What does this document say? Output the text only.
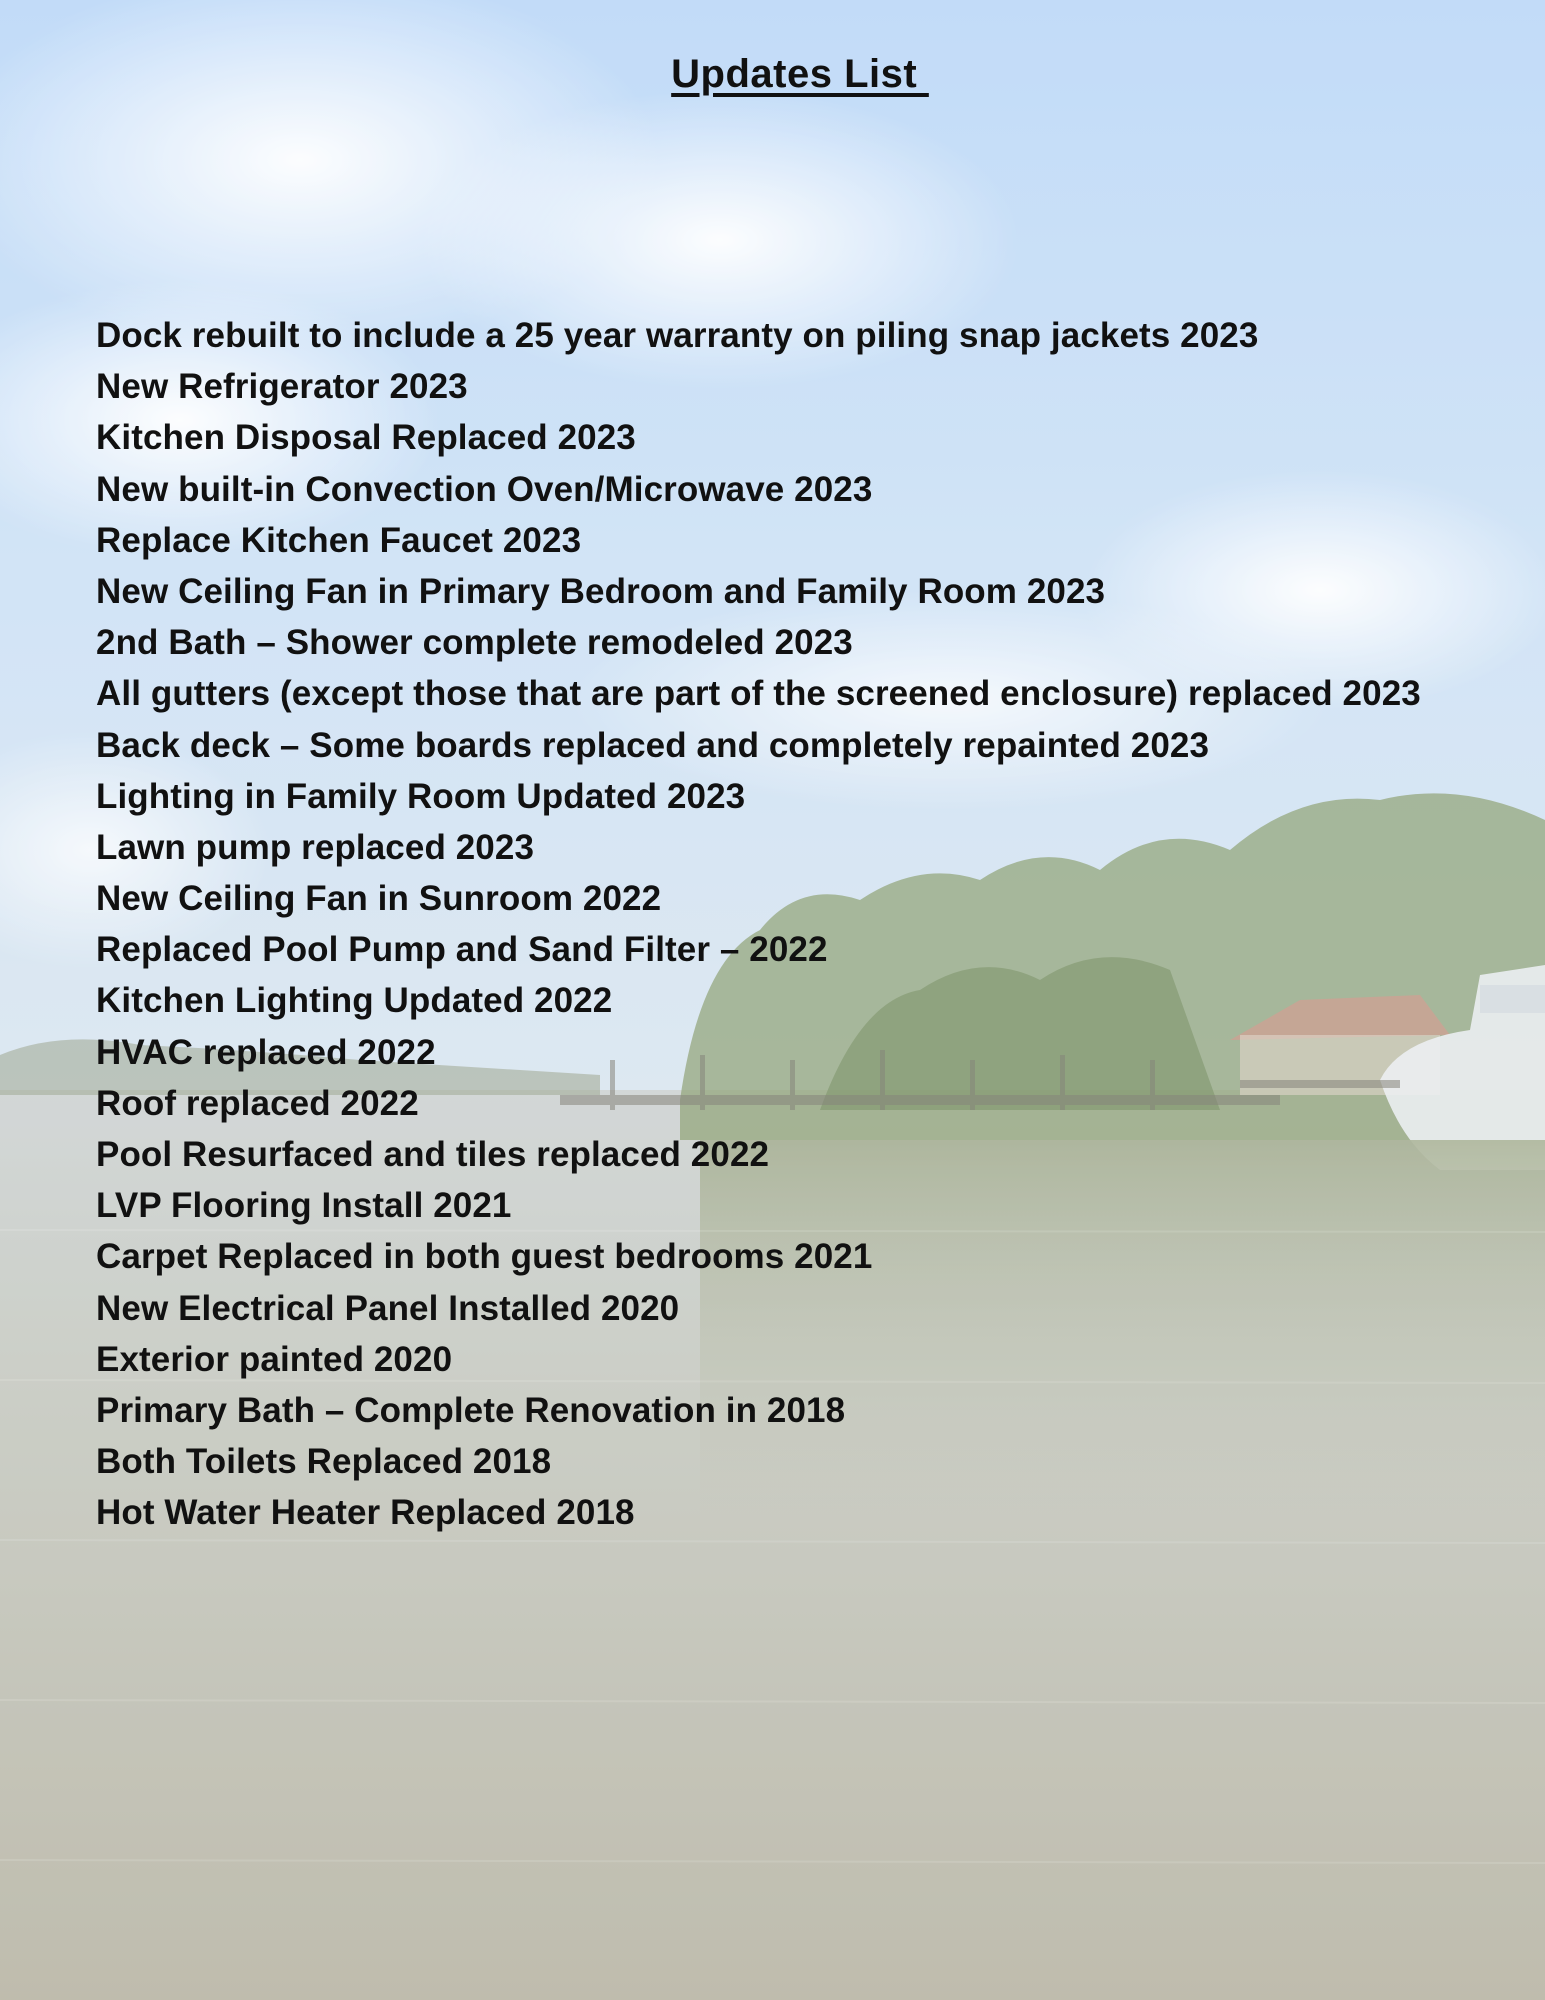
Updates List
Dock rebuilt to include a 25 year warranty on piling snap jackets 2023
New Refrigerator 2023
Kitchen Disposal Replaced 2023
New built-in Convection Oven/Microwave 2023
Replace Kitchen Faucet 2023
New Ceiling Fan in Primary Bedroom and Family Room 2023
2nd Bath – Shower complete remodeled 2023
All gutters (except those that are part of the screened enclosure) replaced 2023
Back deck – Some boards replaced and completely repainted 2023
Lighting in Family Room Updated 2023
Lawn pump replaced 2023
New Ceiling Fan in Sunroom 2022
Replaced Pool Pump and Sand Filter – 2022
Kitchen Lighting Updated 2022
HVAC replaced 2022
Roof replaced 2022
Pool Resurfaced and tiles replaced 2022
LVP Flooring Install 2021
Carpet Replaced in both guest bedrooms 2021
New Electrical Panel Installed 2020
Exterior painted 2020
Primary Bath – Complete Renovation in 2018
Both Toilets Replaced 2018
Hot Water Heater Replaced 2018
